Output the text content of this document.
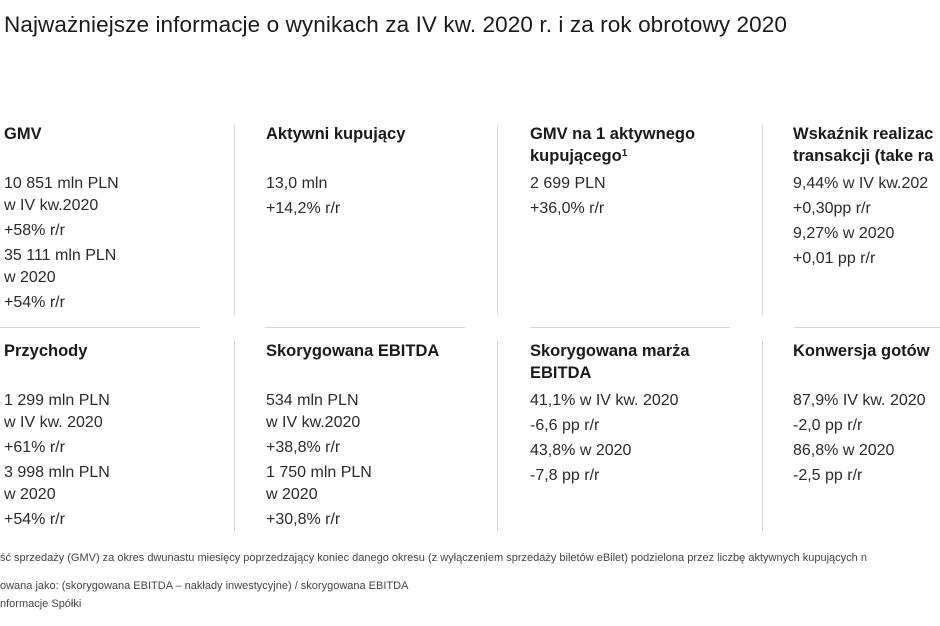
Najważniejsze informacje o wynikach za IV kw. 2020 r. i za rok obrotowy 2020
GMV
10 851 mln PLN
w IV kw.2020
+58% r/r
35 111 mln PLN
w 2020
+54% r/r
Aktywni kupujący
13,0 mln
+14,2% r/r
GMV na 1 aktywnego
kupującego$^1$
2 699 PLN
+36,0% r/r
Wskaźnik realizac
transakcji (take ra
9,44% w IV kw.202
+0,30pp r/r
9,27% w 2020
+0,01 pp r/r
Przychody
1 299 mln PLN
w IV kw. 2020
+61% r/r
3 998 mln PLN
w 2020
+54% r/r
Skorygowana EBITDA
534 mln PLN
w IV kw.2020
+38,8% r/r
1 750 mln PLN
w 2020
+30,8% r/r
Skorygowana marża
EBITDA
41,1% w IV kw. 2020
-6,6 pp r/r
43,8% w 2020
-7,8 pp r/r
Konwersja gotów
87,9% IV kw. 2020
-2,0 pp r/r
86,8% w 2020
-2,5 pp r/r
ść sprzedaży (GMV) za okres dwunastu miesięcy poprzedzający koniec danego okresu (z wyłączeniem sprzedaży biletów eBilet) podzielona przez liczbę aktywnych kupujących n
owana jako: (skorygowana EBITDA – nakłady inwestycyjne) / skorygowana EBITDA
nformacje Spółki
